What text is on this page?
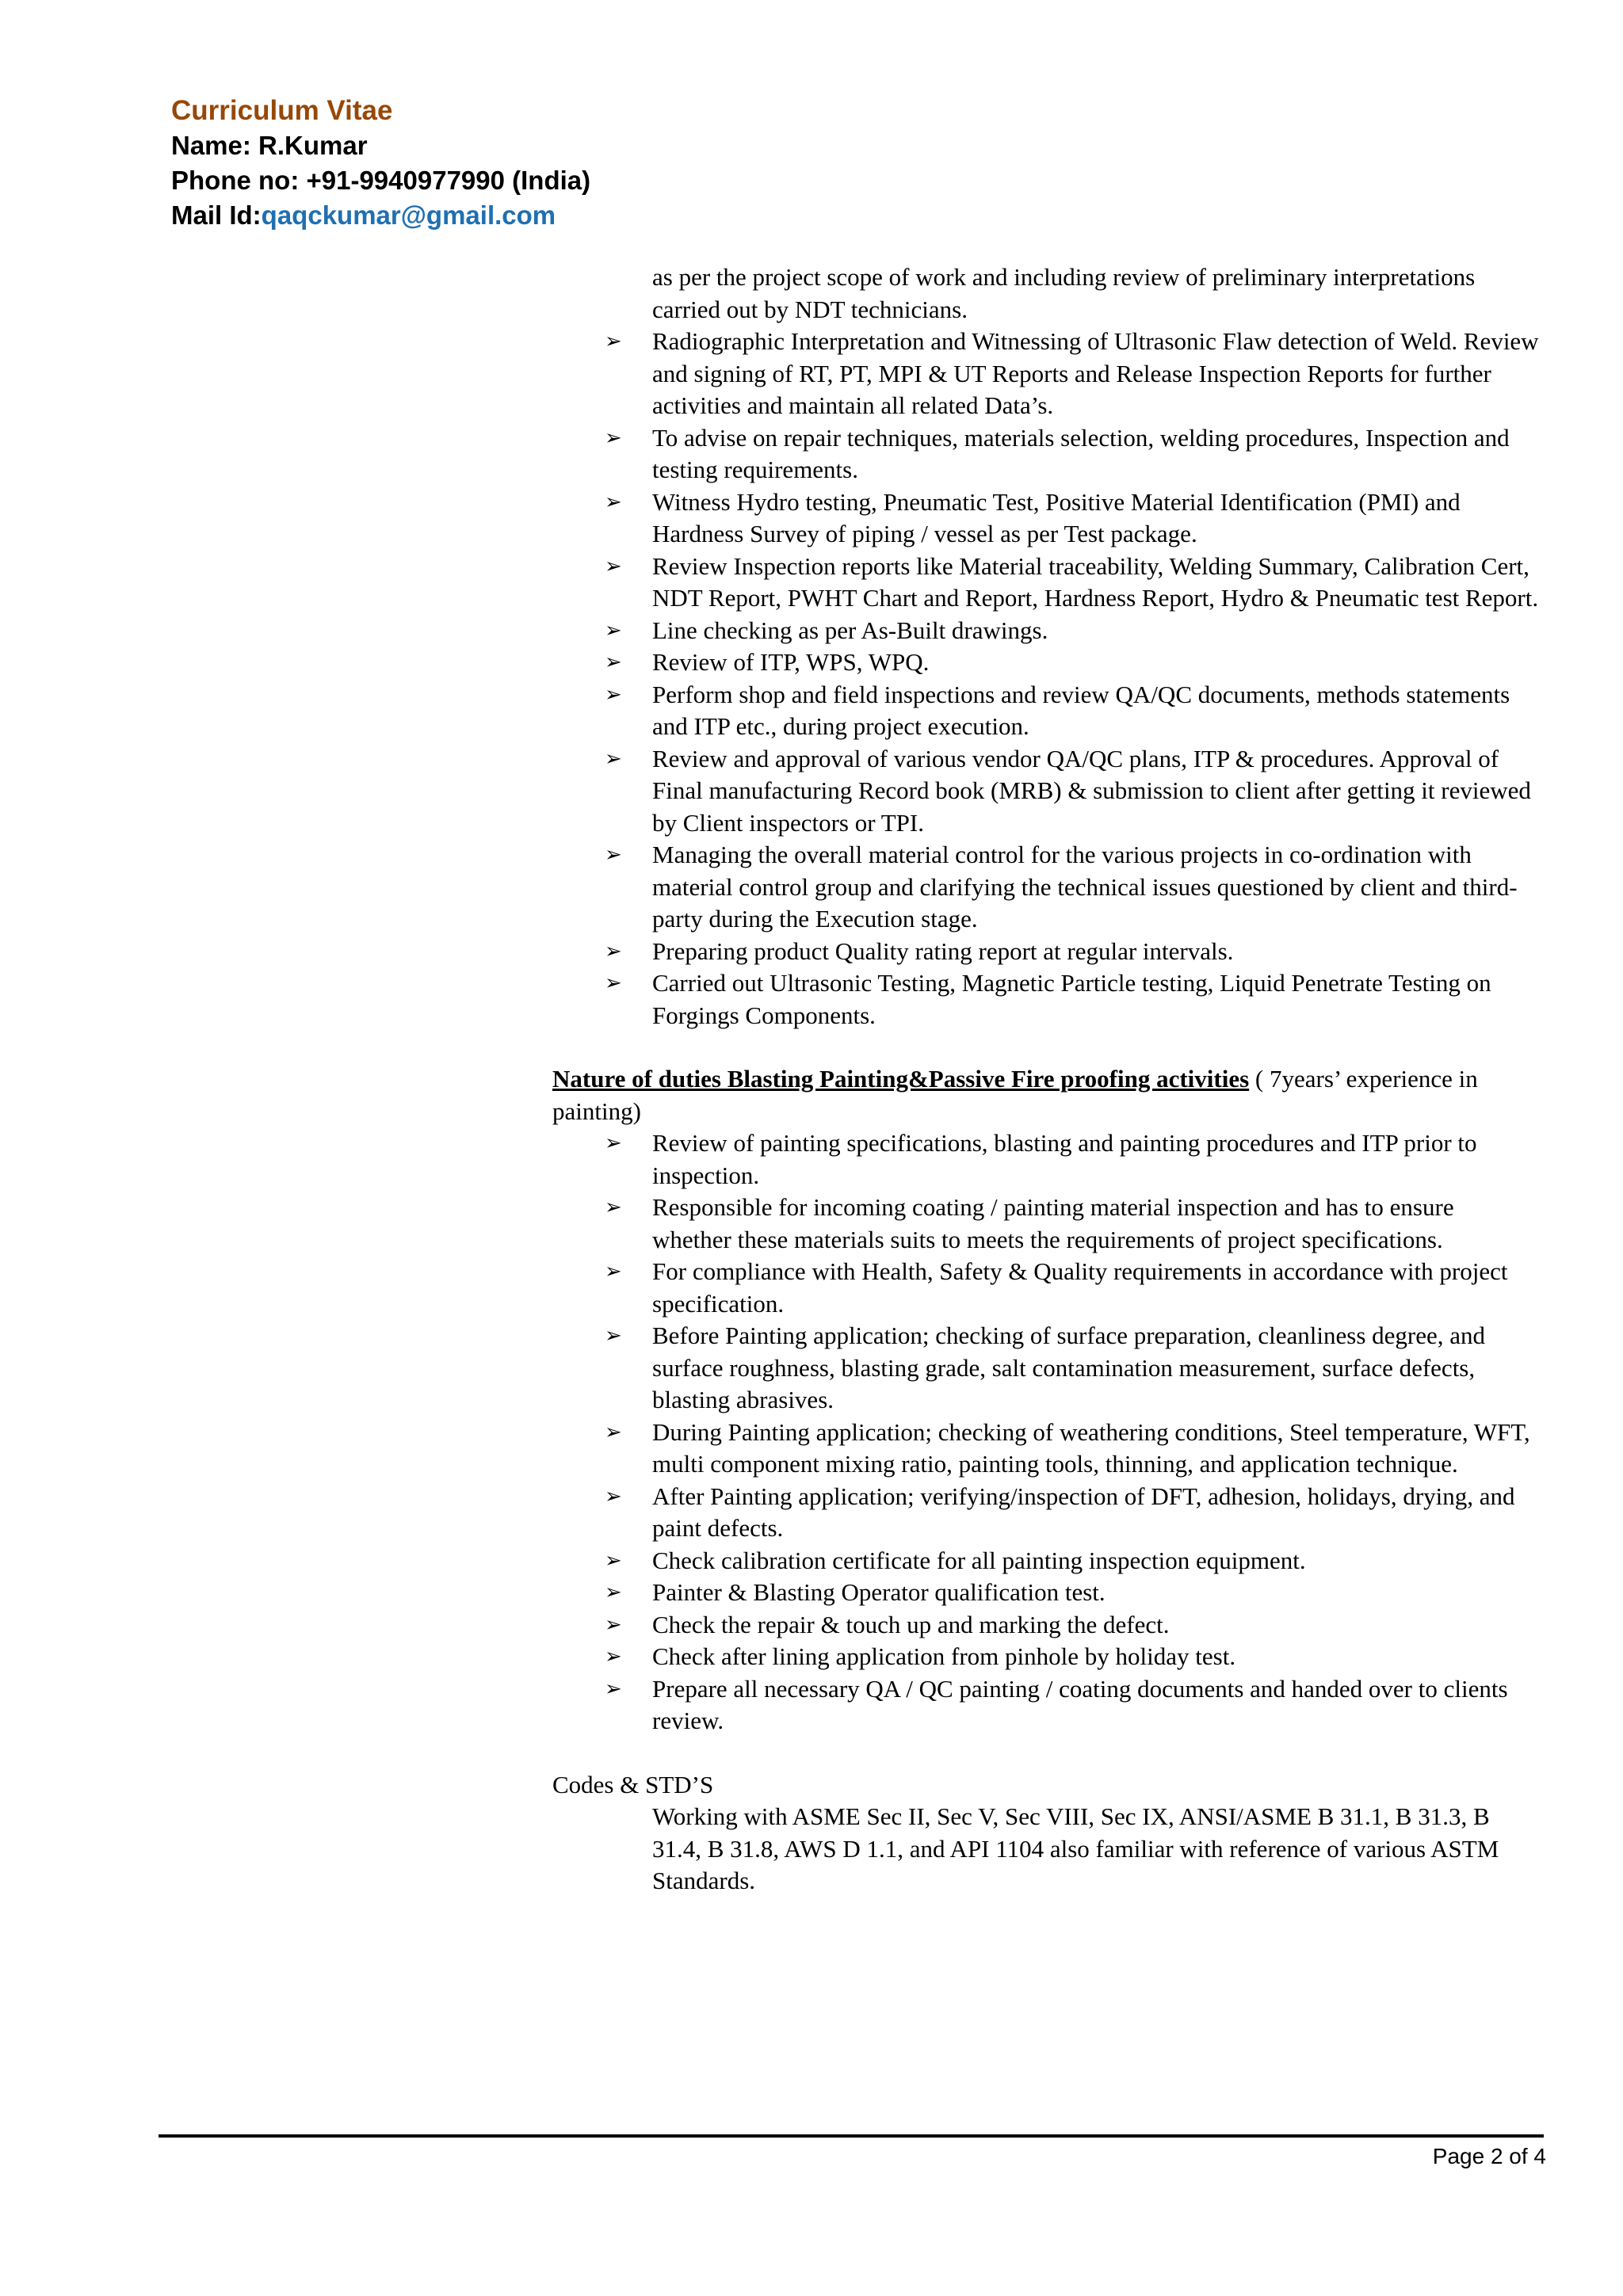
Curriculum Vitae
Name: R.Kumar
Phone no: +91-9940977990 (India)
Mail Id:qaqckumar@gmail.com

as per the project scope of work and including review of preliminary interpretations carried out by NDT technicians.

➢ Radiographic Interpretation and Witnessing of Ultrasonic Flaw detection of Weld. Review and signing of RT, PT, MPI & UT Reports and Release Inspection Reports for further activities and maintain all related Data’s.
➢ To advise on repair techniques, materials selection, welding procedures, Inspection and testing requirements.
➢ Witness Hydro testing, Pneumatic Test, Positive Material Identification (PMI) and Hardness Survey of piping / vessel as per Test package.
➢ Review Inspection reports like Material traceability, Welding Summary, Calibration Cert, NDT Report, PWHT Chart and Report, Hardness Report, Hydro & Pneumatic test Report.
➢ Line checking as per As-Built drawings.
➢ Review of ITP, WPS, WPQ.
➢ Perform shop and field inspections and review QA/QC documents, methods statements and ITP etc., during project execution.
➢ Review and approval of various vendor QA/QC plans, ITP & procedures. Approval of Final manufacturing Record book (MRB) & submission to client after getting it reviewed by Client inspectors or TPI.
➢ Managing the overall material control for the various projects in co-ordination with material control group and clarifying the technical issues questioned by client and third-party during the Execution stage.
➢ Preparing product Quality rating report at regular intervals.
➢ Carried out Ultrasonic Testing, Magnetic Particle testing, Liquid Penetrate Testing on Forgings Components.

Nature of duties Blasting Painting&Passive Fire proofing activities ( 7years’ experience in painting)

➢ Review of painting specifications, blasting and painting procedures and ITP prior to inspection.
➢ Responsible for incoming coating / painting material inspection and has to ensure whether these materials suits to meets the requirements of project specifications.
➢ For compliance with Health, Safety & Quality requirements in accordance with project specification.
➢ Before Painting application; checking of surface preparation, cleanliness degree, and surface roughness, blasting grade, salt contamination measurement, surface defects, blasting abrasives.
➢ During Painting application; checking of weathering conditions, Steel temperature, WFT, multi component mixing ratio, painting tools, thinning, and application technique.
➢ After Painting application; verifying/inspection of DFT, adhesion, holidays, drying, and paint defects.
➢ Check calibration certificate for all painting inspection equipment.
➢ Painter & Blasting Operator qualification test.
➢ Check the repair & touch up and marking the defect.
➢ Check after lining application from pinhole by holiday test.
➢ Prepare all necessary QA / QC painting / coating documents and handed over to clients review.

Codes & STD’S

Working with ASME Sec II, Sec V, Sec VIII, Sec IX, ANSI/ASME B 31.1, B 31.3, B 31.4, B 31.8, AWS D 1.1, and API 1104 also familiar with reference of various ASTM Standards.

Page 2 of 4
